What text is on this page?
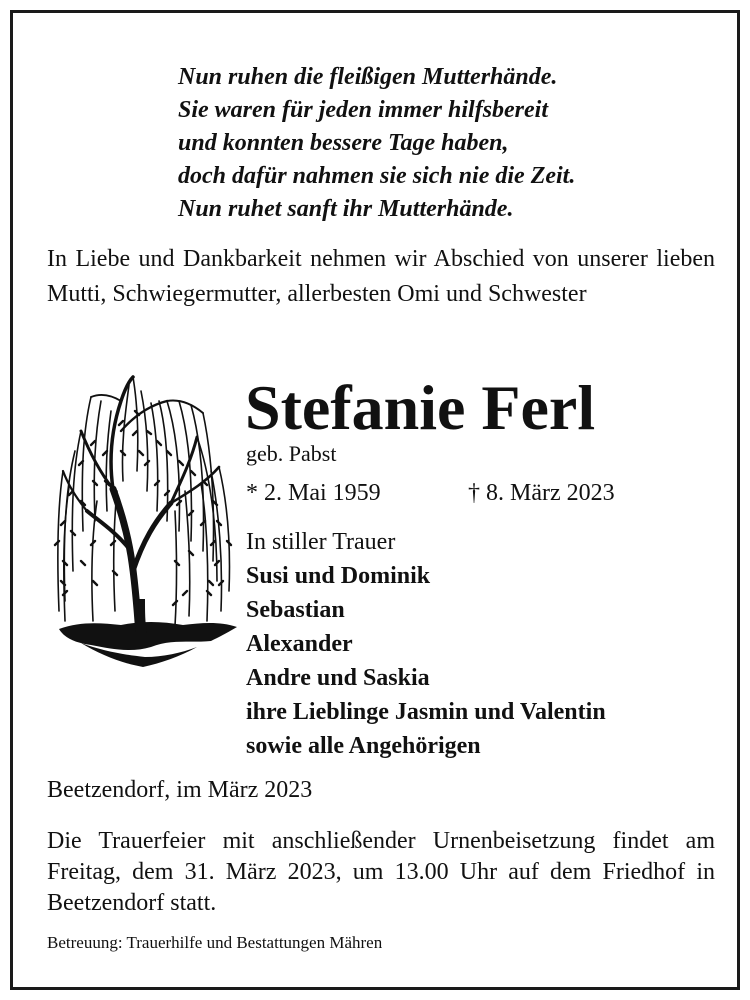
Nun ruhen die fleißigen Mutterhände.
Sie waren für jeden immer hilfsbereit
und konnten bessere Tage haben,
doch dafür nahmen sie sich nie die Zeit.
Nun ruhet sanft ihr Mutterhände.
In Liebe und Dankbarkeit nehmen wir Abschied von unserer lieben Mutti, Schwiegermutter, allerbesten Omi und Schwester
Stefanie Ferl
geb. Pabst
* 2. Mai 1959	† 8. März 2023
In stiller Trauer
Susi und Dominik
Sebastian
Alexander
Andre und Saskia
ihre Lieblinge Jasmin und Valentin
sowie alle Angehörigen
Beetzendorf, im März 2023
Die Trauerfeier mit anschließender Urnenbeisetzung findet am Freitag, dem 31. März 2023, um 13.00 Uhr auf dem Friedhof in Beetzendorf statt.
Betreuung: Trauerhilfe und Bestattungen Mähren
